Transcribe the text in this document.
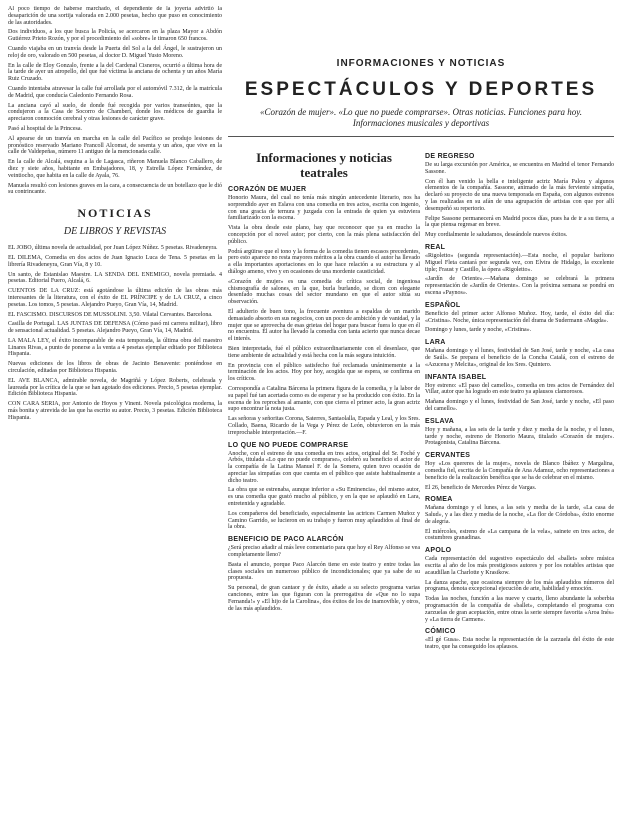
Al poco tiempo de haberse marchado, el dependiente de la joyería advirtió la desaparición de una sortija valorada en 2.000 pesetas, hecho que puso en conocimiento de las autoridades.

Dos individuos, a los que busca la Policía, se acercaron en la plaza Mayor a Abdón Gutiérrez Prieto Rozón, y por el procedimiento del «sobre» le timaron 650 francos.

Cuando viajaba en un tranvía desde la Puerta del Sol a la del Ángel, le sustrajeron un reloj de oro, valorado en 500 pesetas, al doctor D. Miguel Yusto Moreno.

En la calle de Eloy Gonzalo, frente a la del Cardenal Cisneros, ocurrió a última hora de la tarde de ayer un atropello, del que fué víctima la anciana de ochenta y un años María Ruiz Cruzado.

Cuando intentaba atravesar la calle fué arrollada por el automóvil 7.312, de la matrícula de Madrid, que conducía Caledonio Fernando Rosa.

La anciana cayó al suelo, de donde fué recogida por varios transeúntes, que la condujeron a la Casa de Socorro de Chamberí, donde los médicos de guardia le apreciaron conmoción cerebral y otras lesiones de carácter grave.

Pasó al hospital de la Princesa.

Al apearse de un tranvía en marcha en la calle del Pacífico se produjo lesiones de pronóstico reservado Mariano Francoll Alcomat, de sesenta y un años, que vive en la calle de Valdepeñas, número 11 antiguo de la mencionada calle.

En la calle de Alcalá, esquina a la de Lagasca, riñeron Manuela Blanco Caballero, de diez y siete años, habitante en Embajadores, 18, y Estrella López Fernández, de veintiocho, que habita en la calle de Ayala, 76.

Manuela resultó con lesiones graves en la cara, a consecuencia de un botellazo que le dió su contrincante.

NOTICIAS
DE LIBROS Y REVISTAS

EL JOBO, última novela de actualidad, por Juan López Núñez. 5 pesetas. Rivadeneyra.

EL DILEMA, Comedia en dos actos de Juan Ignacio Luca de Tena. 5 pesetas en la librería Rivadeneyra, Gran Vía, 8 y 10.

Un santo, de Estanislao Maestre. LA SENDA DEL ENEMIGO, novela premiada. 4 pesetas. Editorial Fuero, Alcalá, 6.

CUENTOS DE LA CRUZ: está agotándose la última edición de las obras más interesantes de la literatura, con el éxito de EL PRÍNCIPE y de LA CRUZ, a cinco pesetas. Los tomos, 5 pesetas. Alejandro Pueyo, Gran Vía, 14, Madrid.

EL FASCISMO. DISCURSOS DE MUSSOLINI. 3,50. Vilatal Cervantes. Barcelona.

Casilla de Portugal. LAS JUNTAS DE DEFENSA (Cómo pasó mi carrera militar), libro de sensacional actualidad. 5 pesetas. Alejandro Pueyo, Gran Vía, 14, Madrid.

LA MALA LEY, el éxito incomparable de esta temporada, la última obra del maestro Linares Rivas, a punto de ponerse a la venta a 4 pesetas ejemplar editado por Biblioteca Hispania.

Nuevas ediciones de los libros de obras de Jacinto Benavente: poniéndose en circulación, editadas por Biblioteca Hispania.

EL AVE BLANCA, admirable novela, de Magriñá y López Roberts, celebrada y laureada por la crítica de la que se han agotado dos ediciones. Precio, 5 pesetas ejemplar. Edición Biblioteca Hispania.

CON CARA SERIA, por Antonio de Hoyos y Vinent. Novela psicológica moderna, la más bonita y atrevida de las que ha escrito su autor. Precio, 3 pesetas. Edición Biblioteca Hispania.

INFORMACIONES Y NOTICIAS
ESPECTÁCULOS Y DEPORTES
«Corazón de mujer». «Lo que no puede comprarse». Otras noticias. Funciones para hoy. Informaciones musicales y deportivas
Informaciones y noticias
teatrales
CORAZÓN DE MUJER

Honorio Maura, del cual no tenía más ningún antecedente literario, nos ha sorprendido ayer en Eslava con una comedia en tres actos, escrita con ingenio, con una gracia de ternura y juzgada con la entrada de quien ya estuviera familiarizado con la escena.

Vista la obra desde este plano, hay que reconocer que ya en mucho la concepción por el novel autor; por cierto, con la más plena satisfacción del público.

Podrá argüirse que el tono y la forma de la comedia tienen escasos precedentes, pero esto aparece no resta mayores méritos a la obra cuando el autor ha llevado a ella importantes aportaciones en lo que hace relación a su estructura y al diálogo ameno, vivo y en ocasiones de una mordente causticidad.

«Corazón de mujer» es una comedia de crítica social, de ingeniosa chismografía de salones, en la que, burla burlando, se dicen con elegante desenfado muchas cosas del sector mundano en que el autor sitúa su observación.

El adulterio de buen tono, la frecuente aventura a espaldas de un marido demasiado absorto en sus negocios, con un poco de ambición y de vanidad, y la mujer que se aprovecha de esas grietas del hogar para buscar fuera lo que en él no encuentra. El autor ha llevado la comedia con tanta acierto que nunca decae el interés.

Bien interpretada, fué el público extraordinariamente con el desenlace, que tiene ambiente de actualidad y está hecha con la más segura intuición.

En provincia con el público satisfecho fué reclamada unánimemente a la terminación de los actos. Hoy por hoy, acogida que se espera, se confirma en los críticos.

Correspondía a Catalina Bárcena la primera figura de la comedia, y la labor de su papel fué tan acertada como es de esperar y se ha producido con éxito. En la escena de los reproches al amante, con que cierra el primer acto, la gran actriz supo encontrar la nota justa.

Las señoras y señoritas Corona, Saterres, Santaolalla, Espada y Leal, y los Sres. Collado, Baena, Ricardo de la Vega y Pérez de León, obtuvieron en la más irreprochable interpretación.—F.

LO QUE NO PUEDE COMPRARSE

Anoche, con el estreno de una comedia en tres actos, original del Sr. Foché y Arbós, titulada «Lo que no puede comprarse», celebró su beneficio el actor de la compañía de la Latina Manuel F. de la Somera, quien tuvo ocasión de apreciar las simpatías con que cuenta en el público que asiste habitualmente a dicho teatro.

La obra que se estrenaba, aunque inferior a «Su Eminencia», del mismo autor, es una comedia que gustó mucho al público, y en la que se aplaudió en Lara, entretenida y agradable.

Los compañeros del beneficiado, especialmente las actrices Carmen Muñoz y Camino Garrido, se lucieron en su trabajo y fueron muy aplaudidos al final de la obra.

BENEFICIO DE PACO ALARCÓN

¿Será preciso añadir al más leve comentario para que hoy el Rey Alfonso se vea completamente lleno?

Basta el anuncio, porque Paco Alarcón tiene en este teatro y entre todas las clases sociales un numeroso público de incondicionales; que ya sabe de su propuesta.

Su personal, de gran cantaor y de éxito, añade a su selecto programa varias canciones, entre las que figuran con la prerrogativa de «Que no lo supa Fernanda!» y «El hijo de la Carolina», dos éxitos de los de inamovible, y otros, de las más aplaudidos.

DE REGRESO

De su larga excursión por América, se encuentra en Madrid el tenor Fernando Sassone.

Con él han venido la bella e inteligente actriz María Palou y algunos elementos de la compañía. Sassone, animado de la más ferviente simpatía, declaró su proyecto de una nueva temporada en España, con algunos estrenos y las realizadas en su afán de una agrupación de artistas con que por allí desempeñó su repertorio.

Felipe Sassone permanecerá en Madrid pocos días, pues ha de ir a su tierra, a la que piensa regresar en breve.

Muy cordialmente le saludamos, deseándole nuevos éxitos.

REAL

«Rigoletto» (segunda representación).—Esta noche, el popular barítono Miguel Fleta cantará por segunda vez, con Elvira de Hidalgo, la excelente tiple; Fraust y Castillo, la ópera «Rigoletto».

«Jardín de Oriente».—Mañana domingo se celebrará la primera representación de «Jardín de Oriente». Con la próxima semana se pondrá en escena «Paynos».

ESPAÑOL

Beneficio del primer actor Alfonso Muñoz. Hoy, tarde, el éxito del día: «Cristina». Noche, única representación del drama de Sudermann «Magda».

Domingo y lunes, tarde y noche, «Cristina».

LARA

Mañana domingo y el lunes, festividad de San José, tarde y noche, «La casa de Saúl». Se prepara el beneficio de la Concha Catalá, con el estreno de «Azucena y Melcita», original de los Sres. Quintero.

INFANTA ISABEL

Hoy estreno: «El paso del camello», comedia en tres actos de Fernández del Villar, autor que ha logrado en este teatro ya aplausos clamorosos.

Mañana domingo y el lunes, festividad de San José, tarde y noche, «El paso del camello».

ESLAVA

Hoy y mañana, a las seis de la tarde y diez y media de la noche, y el lunes, tarde y noche, estreno de Honorio Maura, titulado «Corazón de mujer». Protagonista, Catalina Bárcena.

CERVANTES

Hoy «Los quereres de la mujer», novela de Blanco Ibáñez y Margalina, comedia fiel, escrita de la Compañía de Ana Adamuz, ocho representaciones a beneficio de la realización benéfica que se ha de celebrar en el mismo.

El 26, beneficio de Mercedes Pérez de Vargas.

ROMEA

Mañana domingo y el lunes, a las seis y media de la tarde, «La casa de Salud», y a las diez y media de la noche, «La flor de Córdoba», éxito enorme de alegría.

El miércoles, estreno de «La campana de la vela», sainete en tres actos, de costumbres granadinas.

APOLO

Cada representación del sugestivo espectáculo del «ballet» sobre música escrita al año de los más prestigiosos autores y por los notables artistas que acaudillan la Charlotte y Krasikow.

La danza apache, que ocasiona siempre de los más aplaudidos números del programa, denota excepcional ejecución de arte, habilidad y emoción.

Todas las noches, función a las nueve y cuarto, lleno abundante la soberbia programación de la compañía de «ballet», completando el programa con zarzuelas de gran aceptación, entre otras la serie siempre favorita «Aroa Inés» y «La tierra de Carmen».

CÓMICO

«El gé Gusa». Esta noche la representación de la zarzuela del éxito de este teatro, que ha conseguido los aplausos.
